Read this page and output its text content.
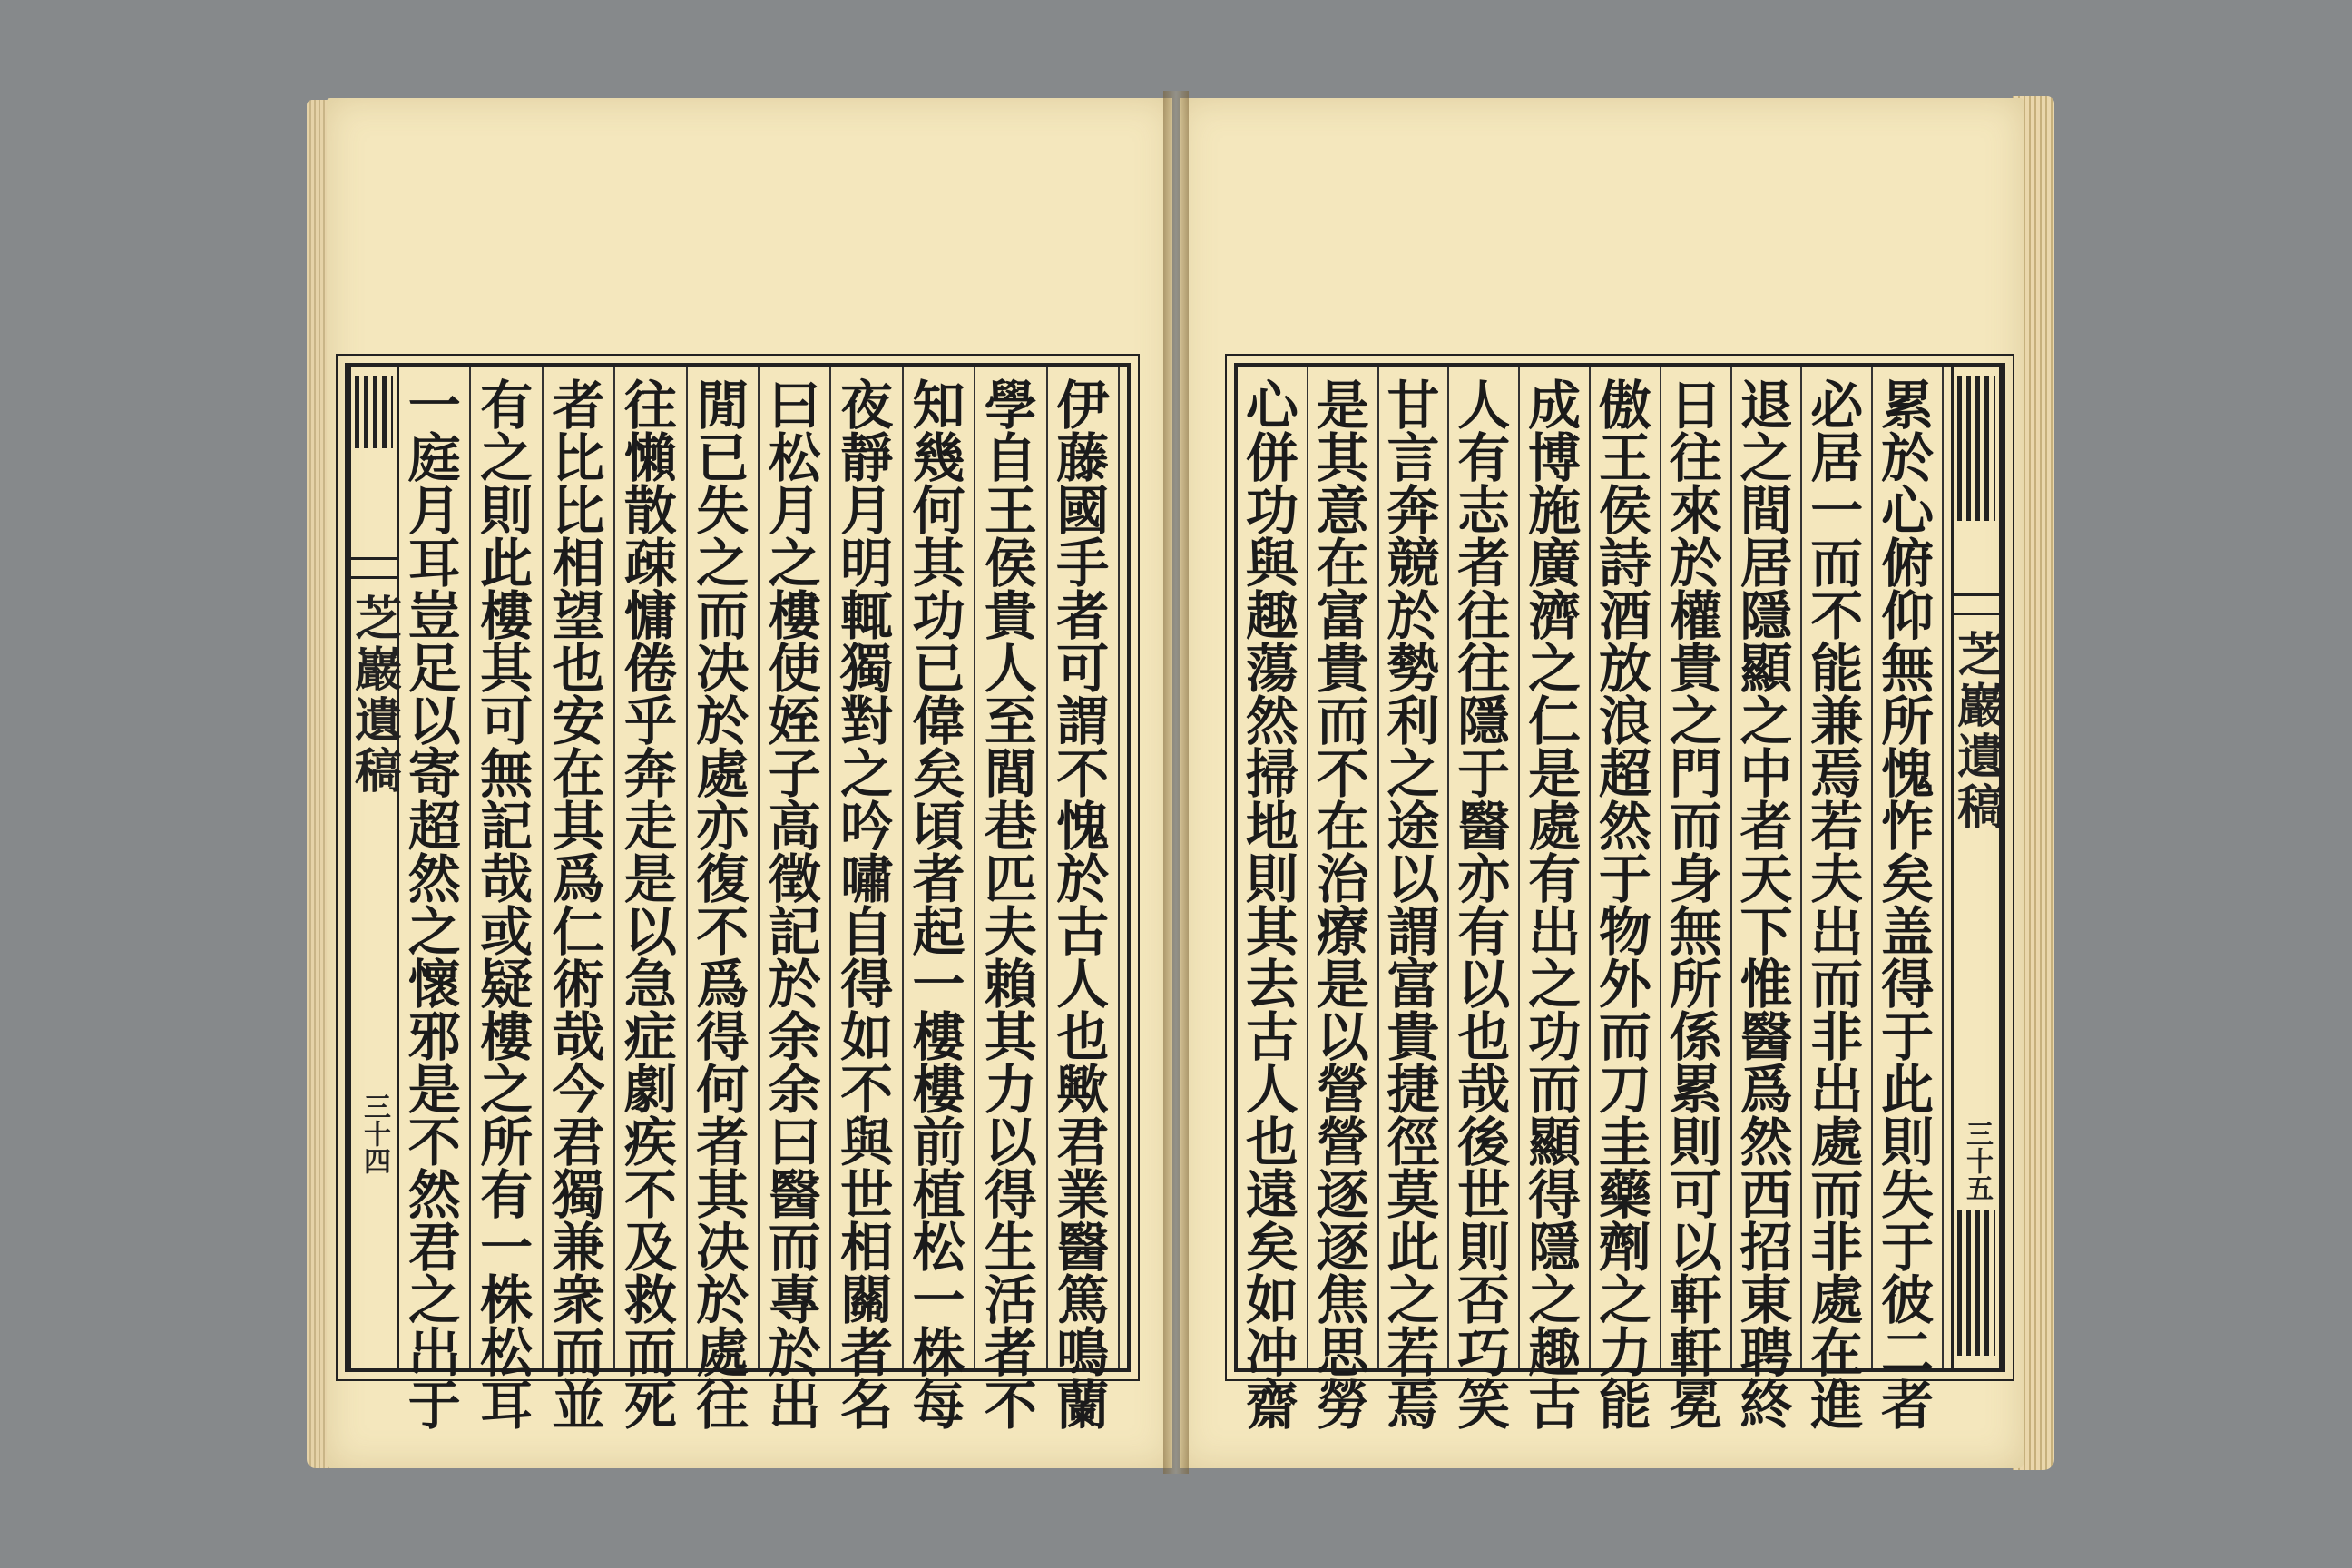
芝巖遺稿
三十四
伊
藤
國
手
者
可
謂
不
愧
於
古
人
也
歟
君
業
醫
篤
鳴
蘭
學
自
王
侯
貴
人
至
閭
巷
匹
夫
賴
其
力
以
得
生
活
者
不
知
幾
何
其
功
已
偉
矣
頃
者
起
一
樓
樓
前
植
松
一
株
每
夜
靜
月
明
輒
獨
對
之
吟
嘯
自
得
如
不
與
世
相
關
者
名
曰
松
月
之
樓
使
姪
子
高
徵
記
於
余
余
曰
醫
而
專
於
出
閒
已
失
之
而
决
於
處
亦
復
不
爲
得
何
者
其
决
於
處
往
往
懶
散
疎
慵
倦
乎
奔
走
是
以
急
症
劇
疾
不
及
救
而
死
者
比
比
相
望
也
安
在
其
爲
仁
術
哉
今
君
獨
兼
衆
而
並
有
之
則
此
樓
其
可
無
記
哉
或
疑
樓
之
所
有
一
株
松
耳
一
庭
月
耳
豈
足
以
寄
超
然
之
懷
邪
是
不
然
君
之
出
于
累
於
心
俯
仰
無
所
愧
怍
矣
盖
得
于
此
則
失
于
彼
二
者
必
居
一
而
不
能
兼
焉
若
夫
出
而
非
出
處
而
非
處
在
進
退
之
間
居
隱
顯
之
中
者
天
下
惟
醫
爲
然
西
招
東
聘
終
日
往
來
於
權
貴
之
門
而
身
無
所
係
累
則
可
以
軒
軒
冕
傲
王
侯
詩
酒
放
浪
超
然
于
物
外
而
刀
圭
藥
劑
之
力
能
成
博
施
廣
濟
之
仁
是
處
有
出
之
功
而
顯
得
隱
之
趣
古
人
有
志
者
往
往
隱
于
醫
亦
有
以
也
哉
後
世
則
否
巧
笑
甘
言
奔
競
於
勢
利
之
途
以
謂
富
貴
捷
徑
莫
此
之
若
焉
是
其
意
在
富
貴
而
不
在
治
療
是
以
營
營
逐
逐
焦
思
勞
心
併
功
與
趣
蕩
然
掃
地
則
其
去
古
人
也
遠
矣
如
冲
齋
芝巖遺稿
三十五
